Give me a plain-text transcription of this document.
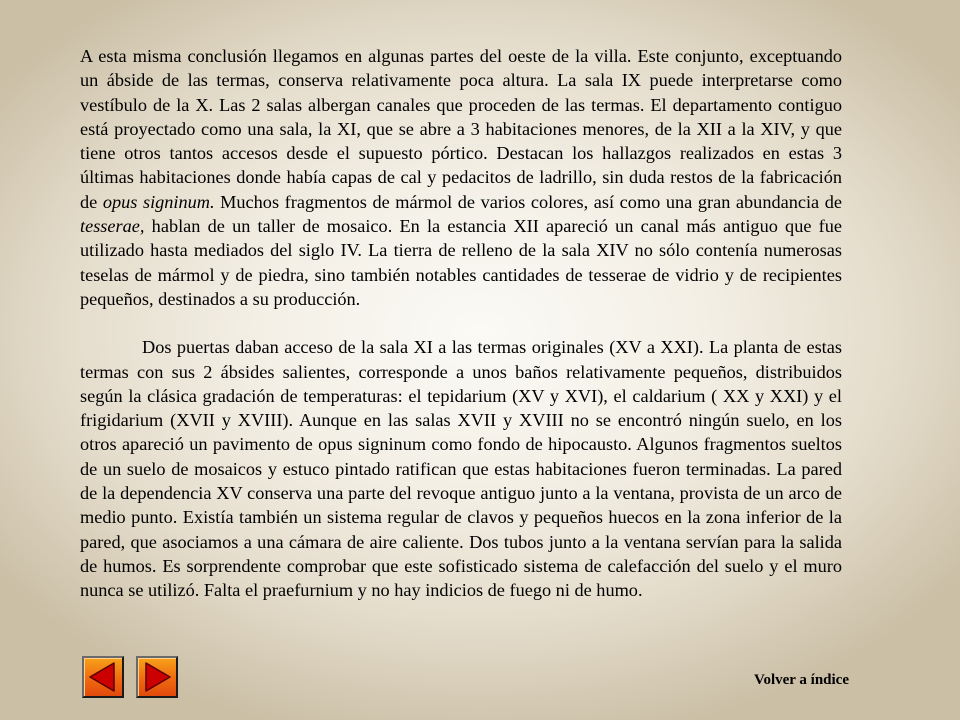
A esta misma conclusión llegamos en algunas partes del oeste de la villa. Este conjunto, exceptuando un ábside de las termas, conserva relativamente poca altura. La sala IX puede interpretarse como vestíbulo de la X. Las 2 salas albergan canales que proceden de las termas. El departamento contiguo está proyectado como una sala, la XI, que se abre a 3 habitaciones menores, de la XII a la XIV, y que tiene otros tantos accesos desde el supuesto pórtico. Destacan los hallazgos realizados en estas 3 últimas habitaciones donde había capas de cal y pedacitos de ladrillo, sin duda restos de la fabricación de opus signinum. Muchos fragmentos de mármol de varios colores, así como una gran abundancia de tesserae, hablan de un taller de mosaico. En la estancia XII apareció un canal más antiguo que fue utilizado hasta mediados del siglo IV. La tierra de relleno de la sala XIV no sólo contenía numerosas teselas de mármol y de piedra, sino también notables cantidades de tesserae de vidrio y de recipientes pequeños, destinados a su producción.

Dos puertas daban acceso de la sala XI a las termas originales (XV a XXI). La planta de estas termas con sus 2 ábsides salientes, corresponde a unos baños relativamente pequeños, distribuidos según la clásica gradación de temperaturas: el tepidarium (XV y XVI), el caldarium ( XX y XXI) y el frigidarium (XVII y XVIII). Aunque en las salas XVII y XVIII no se encontró ningún suelo, en los otros apareció un pavimento de opus signinum como fondo de hipocausto. Algunos fragmentos sueltos de un suelo de mosaicos y estuco pintado ratifican que estas habitaciones fueron terminadas. La pared de la dependencia XV conserva una parte del revoque antiguo junto a la ventana, provista de un arco de medio punto. Existía también un sistema regular de clavos y pequeños huecos en la zona inferior de la pared, que asociamos a una cámara de aire caliente. Dos tubos junto a la ventana servían para la salida de humos. Es sorprendente comprobar que este sofisticado sistema de calefacción del suelo y el muro nunca se utilizó. Falta el praefurnium y no hay indicios de fuego ni de humo.

Volver a índice
